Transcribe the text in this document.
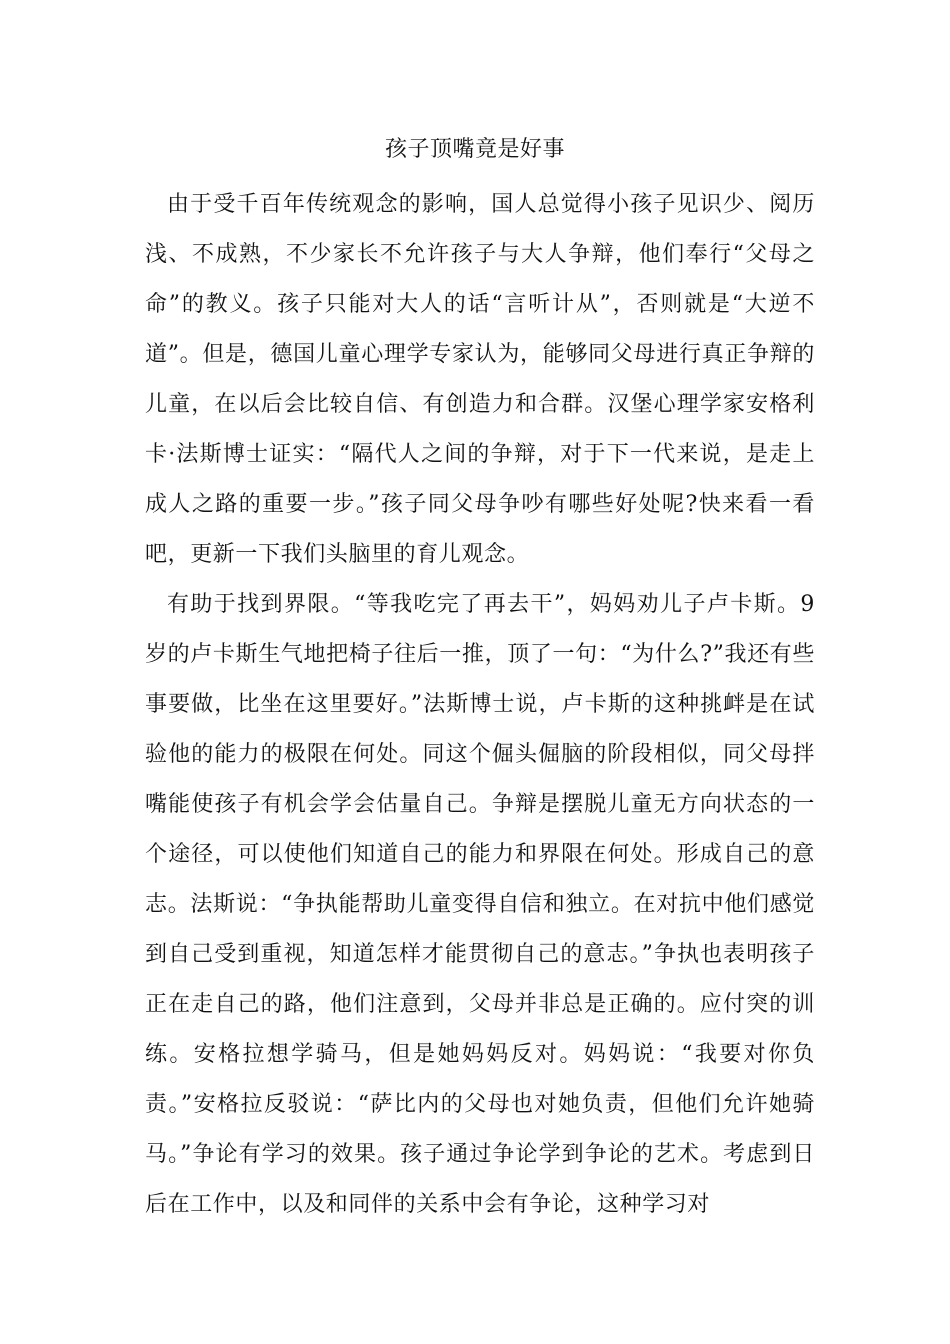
孩子顶嘴竟是好事

由于受千百年传统观念的影响，国人总觉得小孩子见识少、阅历浅、不成熟，不少家长不允许孩子与大人争辩，他们奉行“父母之命”的教义。孩子只能对大人的话“言听计从”，否则就是“大逆不道”。但是，德国儿童心理学专家认为，能够同父母进行真正争辩的儿童，在以后会比较自信、有创造力和合群。汉堡心理学家安格利卡·法斯博士证实：“隔代人之间的争辩，对于下一代来说，是走上成人之路的重要一步。”孩子同父母争吵有哪些好处呢?快来看一看吧，更新一下我们头脑里的育儿观念。

有助于找到界限。“等我吃完了再去干”，妈妈劝儿子卢卡斯。9岁的卢卡斯生气地把椅子往后一推，顶了一句：“为什么?”我还有些事要做，比坐在这里要好。”法斯博士说，卢卡斯的这种挑衅是在试验他的能力的极限在何处。同这个倔头倔脑的阶段相似，同父母拌嘴能使孩子有机会学会估量自己。争辩是摆脱儿童无方向状态的一个途径，可以使他们知道自己的能力和界限在何处。形成自己的意志。法斯说：“争执能帮助儿童变得自信和独立。在对抗中他们感觉到自己受到重视，知道怎样才能贯彻自己的意志。”争执也表明孩子正在走自己的路，他们注意到，父母并非总是正确的。应付突的训练。安格拉想学骑马，但是她妈妈反对。妈妈说：“我要对你负责。”安格拉反驳说：“萨比内的父母也对她负责，但他们允许她骑马。”争论有学习的效果。孩子通过争论学到争论的艺术。考虑到日后在工作中，以及和同伴的关系中会有争论，这种学习对
